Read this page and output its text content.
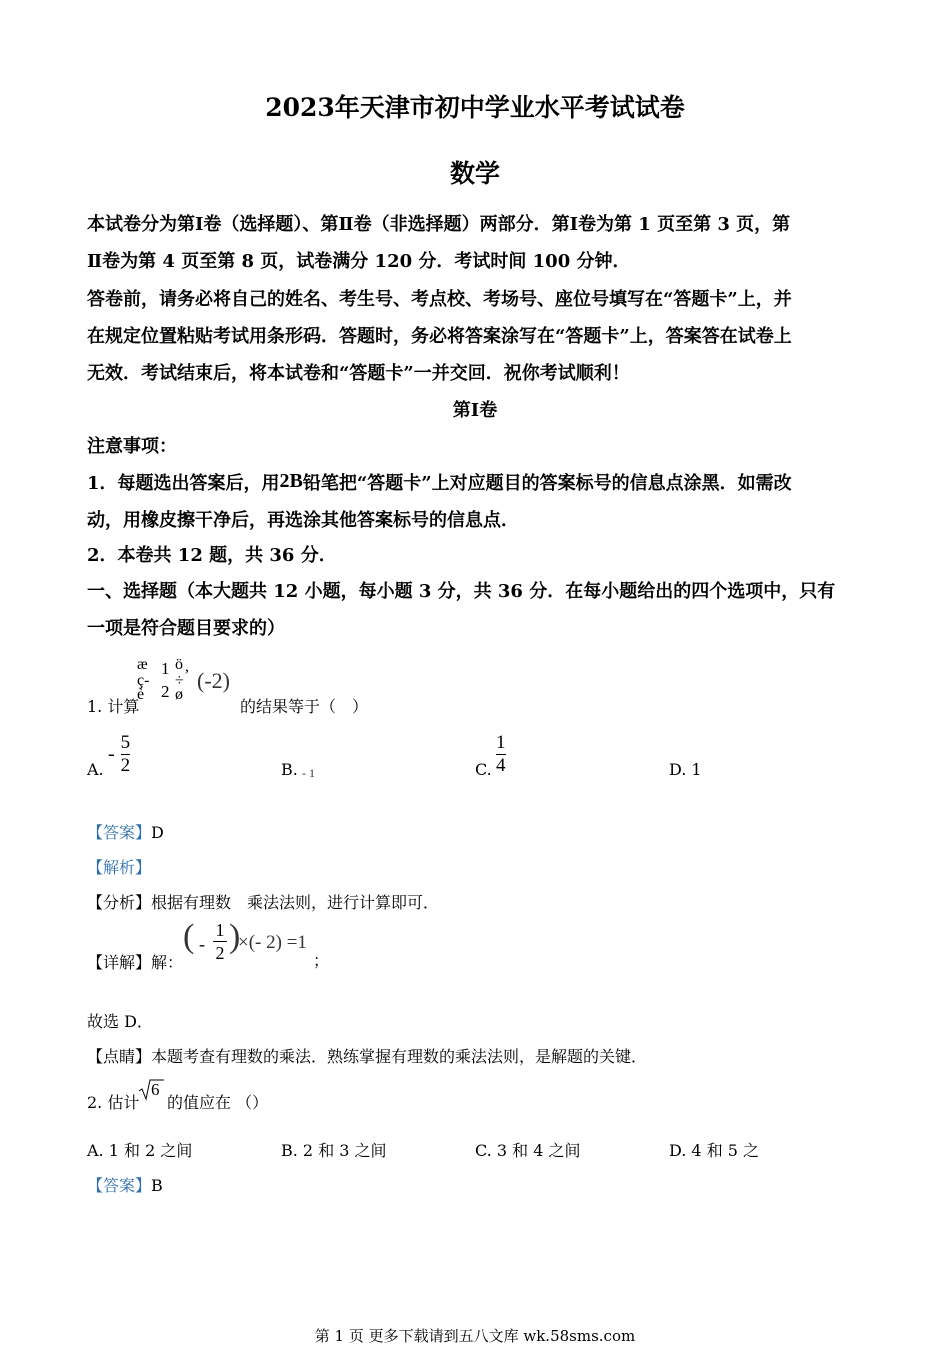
2023年天津市初中学业水平考试试卷
数学
本试卷分为第Ⅰ卷（选择题）、第Ⅱ卷（非选择题）两部分．第Ⅰ卷为第 1 页至第 3 页，第
Ⅱ卷为第 4 页至第 8 页，试卷满分 120 分．考试时间 100 分钟．
答卷前，请务必将自己的姓名、考生号、考点校、考场号、座位号填写在“答题卡”上，并
在规定位置粘贴考试用条形码．答题时，务必将答案涂写在“答题卡”上，答案答在试卷上
无效．考试结束后，将本试卷和“答题卡”一并交回．祝你考试顺利！
第Ⅰ卷
注意事项：
1．每题选出答案后，用2B铅笔把“答题卡”上对应题目的答案标号的信息点涂黑．如需改
动，用橡皮擦干净后，再选涂其他答案标号的信息点．
2．本卷共 12 题，共 36 分．
一、选择题（本大题共 12 小题，每小题 3 分，共 36 分．在每小题给出的四个选项中，只有
一项是符合题目要求的）
1. 计算
æ
ç-
è
1
2
ö ,
÷
ø
(-2)
的结果等于（　）
A.
- $\frac{5}{2}$	B. - 1	C. $\frac{1}{4}$	D. 1
【答案】D
【解析】
【分析】根据有理数　乘法法则，进行计算即可．
【详解】解：
( -
1
2 )
×(- 2) =1
；
故选 D．
【点睛】本题考查有理数的乘法．熟练掌握有理数的乘法法则，是解题的关键．
2. 估计
6
的值应在 （）
A. 1 和 2 之间	B. 2 和 3 之间	C. 3 和 4 之间	D. 4 和 5 之
【答案】B
第 1 页 更多下载请到五八文库 wk.58sms.com
